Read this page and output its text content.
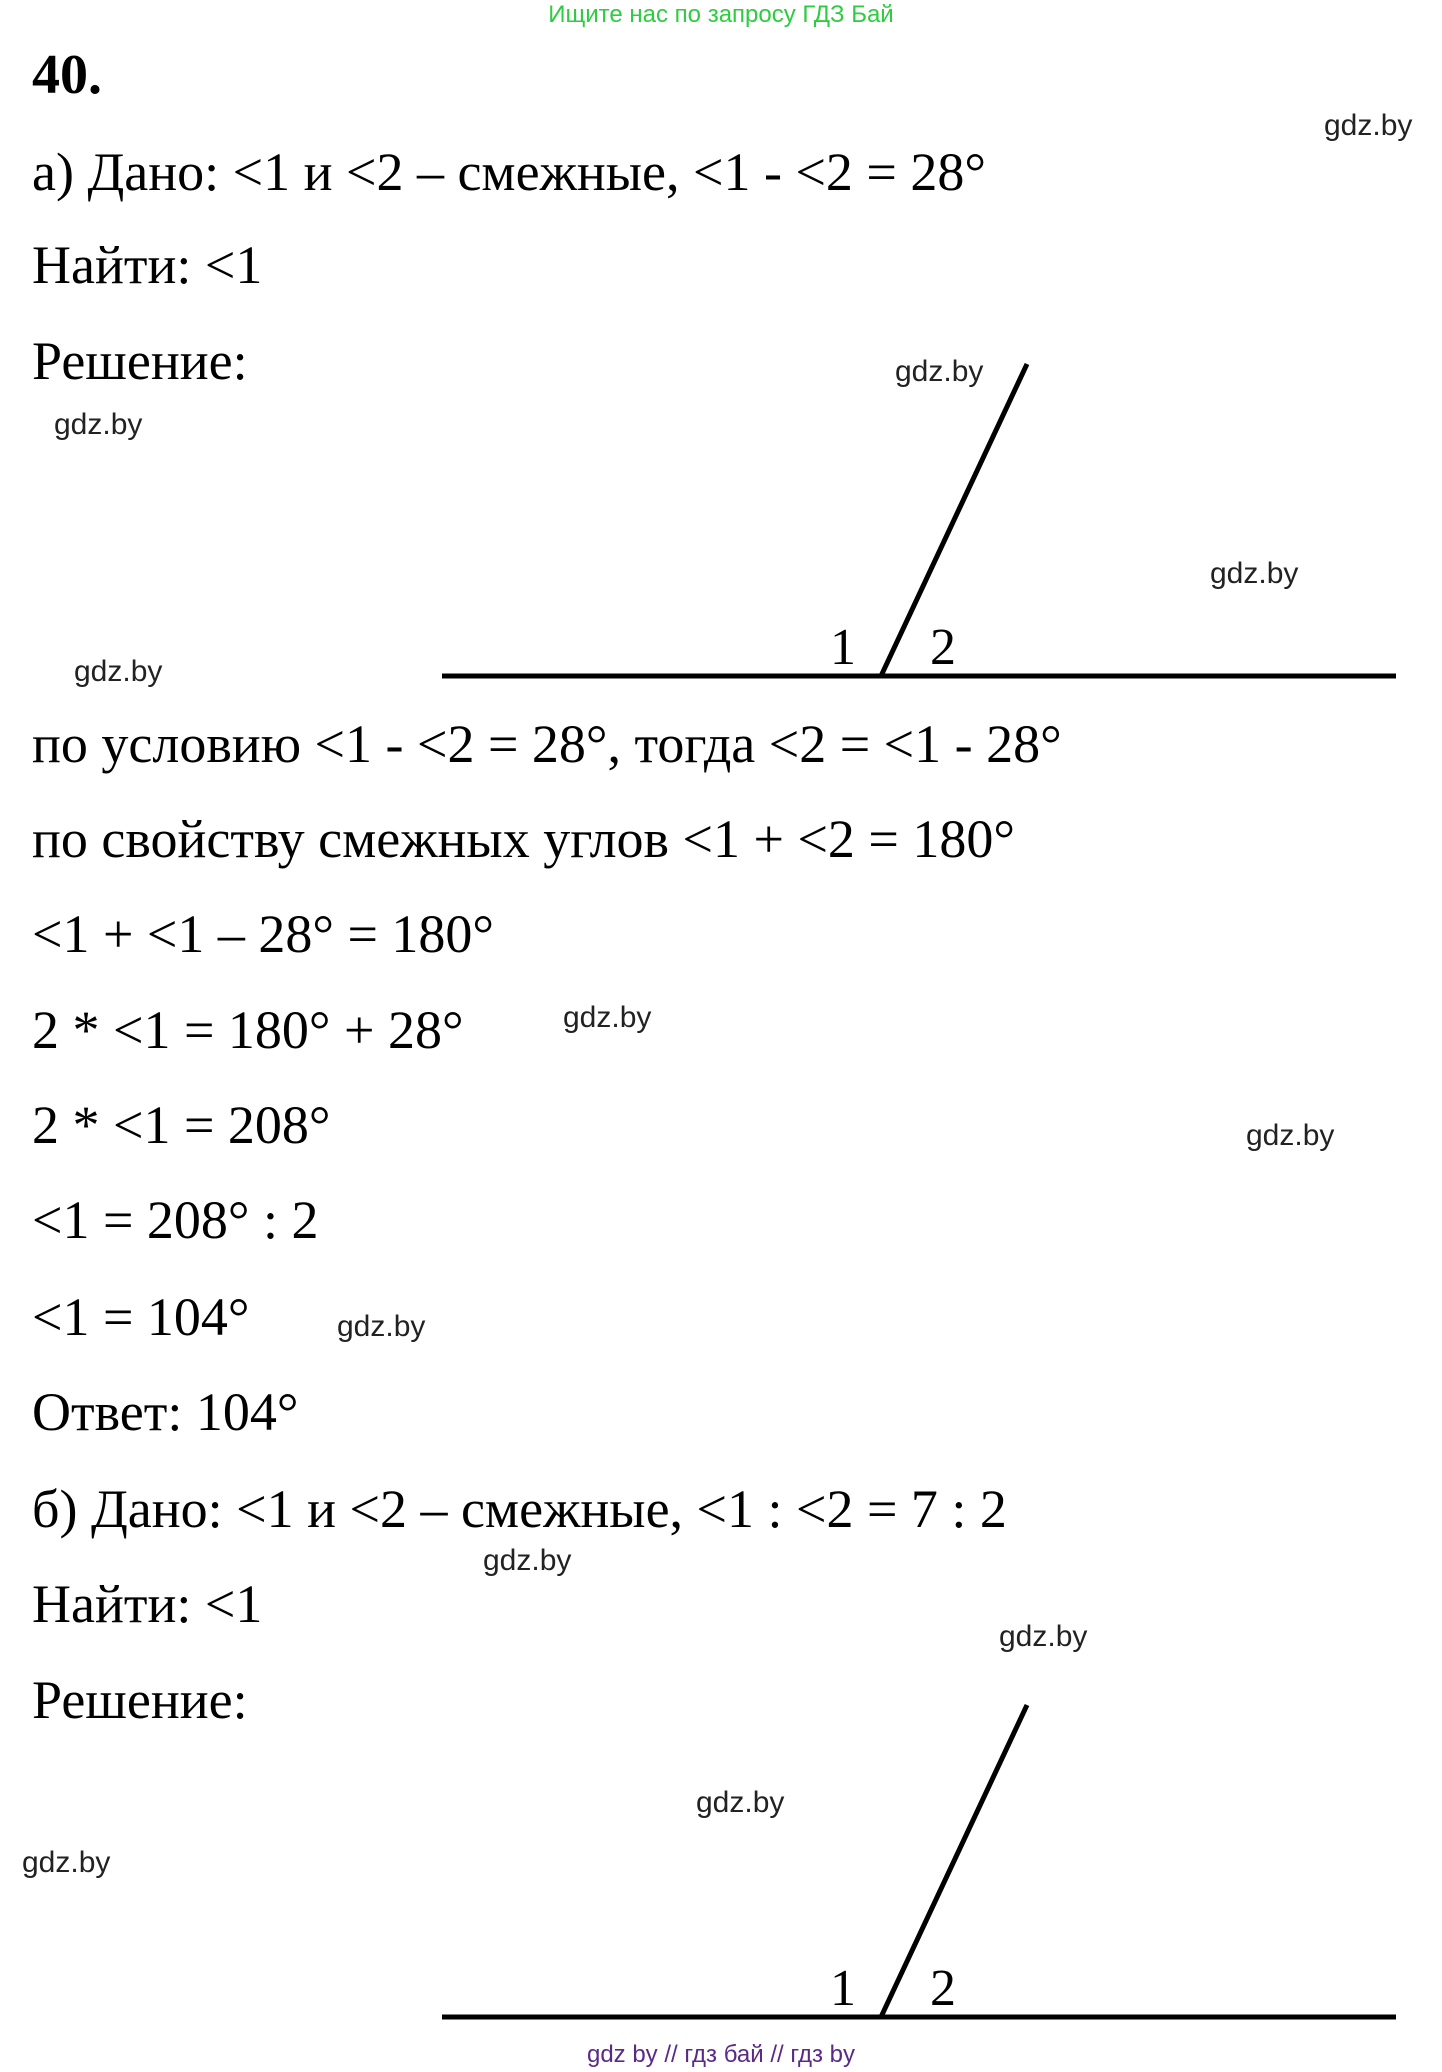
Ищите нас по запросу ГДЗ Бай
40.
а) Дано: <1 и <2 – смежные, <1 - <2 = 28°
Найти: <1
Решение:
1 2
по условию <1 - <2 = 28°, тогда <2 = <1 - 28°
по свойству смежных углов <1 + <2 = 180°
<1 + <1 – 28° = 180°
2 * <1 = 180° + 28°
2 * <1 = 208°
<1 = 208° : 2
<1 = 104°
Ответ: 104°
б) Дано: <1 и <2 – смежные, <1 : <2 = 7 : 2
Найти: <1
Решение:
1 2
gdz.by
gdz.by
gdz.by
gdz.by
gdz.by
gdz.by
gdz.by
gdz.by
gdz.by
gdz.by
gdz.by
gdz.by
gdz by // гдз бай // гдз by
